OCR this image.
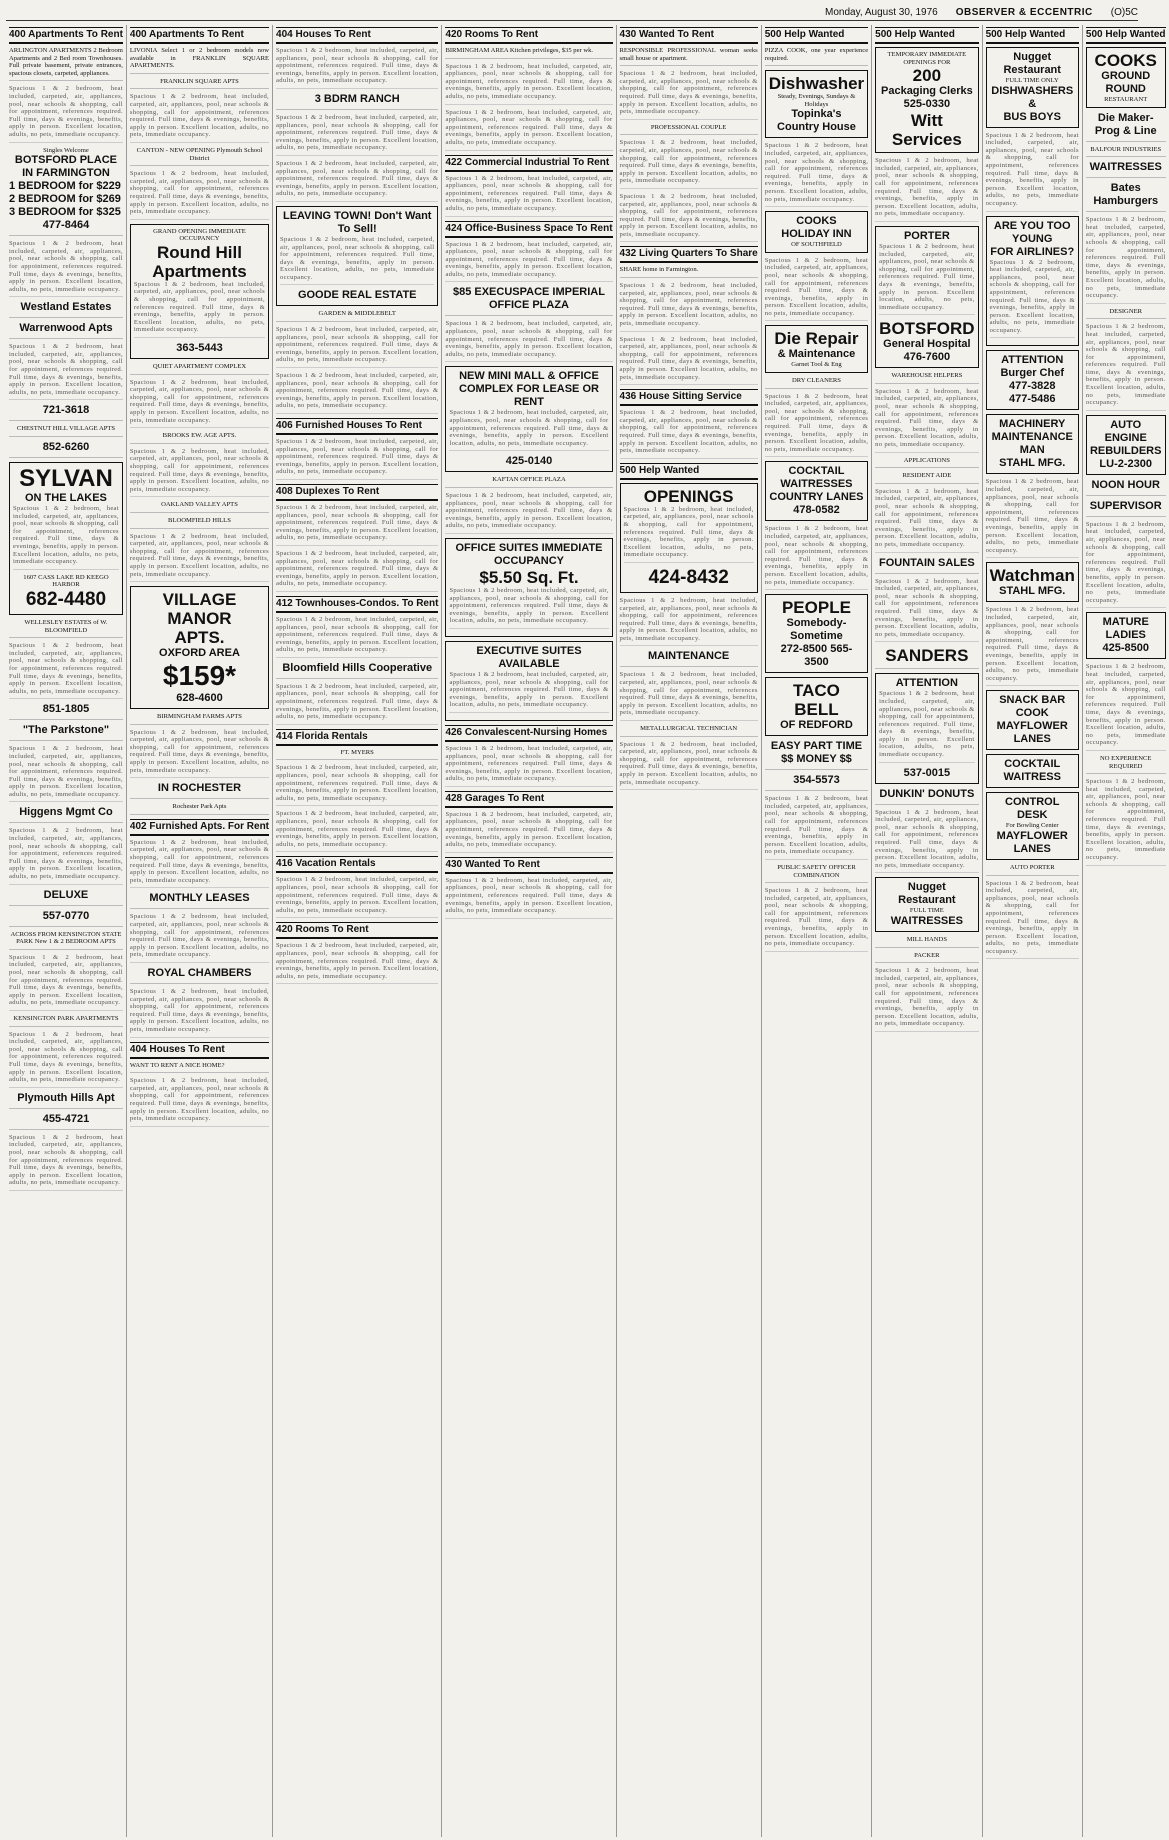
Monday, August 30, 1976 OBSERVER & ECCENTRIC (O)5C
400 Apartments To Rent
ARLINGTON APARTMENTS 2 Bedroom Apartments and 2 Bed room Townhouses. Full private basement, private entrances, spacious closets, carpeted, appliances.
Spacious 1 & 2 bedroom, heat included, carpeted, air, appliances, pool, near schools & shopping, call for appointment, references required. Full time, days & evenings, benefits, apply in person. Excellent location, adults, no pets, immediate occupancy.
Singles Welcome
BOTSFORD PLACE
IN FARMINGTON
1 BEDROOM for $229
2 BEDROOM for $269
3 BEDROOM for $325
477-8464
Spacious 1 & 2 bedroom, heat included, carpeted, air, appliances, pool, near schools & shopping, call for appointment, references required. Full time, days & evenings, benefits, apply in person. Excellent location, adults, no pets, immediate occupancy.
Westland Estates
Warrenwood Apts
Spacious 1 & 2 bedroom, heat included, carpeted, air, appliances, pool, near schools & shopping, call for appointment, references required. Full time, days & evenings, benefits, apply in person. Excellent location, adults, no pets, immediate occupancy.
721-3618
CHESTNUT HILL VILLAGE APTS
852-6260
SYLVAN
ON THE LAKES
Spacious 1 & 2 bedroom, heat included, carpeted, air, appliances, pool, near schools & shopping, call for appointment, references required. Full time, days & evenings, benefits, apply in person. Excellent location, adults, no pets, immediate occupancy.
1607 CASS LAKE RD KEEGO HARBOR
682-4480
WELLESLEY ESTATES of W. BLOOMFIELD
Spacious 1 & 2 bedroom, heat included, carpeted, air, appliances, pool, near schools & shopping, call for appointment, references required. Full time, days & evenings, benefits, apply in person. Excellent location, adults, no pets, immediate occupancy.
851-1805
"The Parkstone"
Spacious 1 & 2 bedroom, heat included, carpeted, air, appliances, pool, near schools & shopping, call for appointment, references required. Full time, days & evenings, benefits, apply in person. Excellent location, adults, no pets, immediate occupancy.
Higgens Mgmt Co
Spacious 1 & 2 bedroom, heat included, carpeted, air, appliances, pool, near schools & shopping, call for appointment, references required. Full time, days & evenings, benefits, apply in person. Excellent location, adults, no pets, immediate occupancy.
DELUXE
557-0770
ACROSS FROM KENSINGTON STATE PARK New 1 & 2 BEDROOM APTS
Spacious 1 & 2 bedroom, heat included, carpeted, air, appliances, pool, near schools & shopping, call for appointment, references required. Full time, days & evenings, benefits, apply in person. Excellent location, adults, no pets, immediate occupancy.
KENSINGTON PARK APARTMENTS
Spacious 1 & 2 bedroom, heat included, carpeted, air, appliances, pool, near schools & shopping, call for appointment, references required. Full time, days & evenings, benefits, apply in person. Excellent location, adults, no pets, immediate occupancy.
Plymouth Hills Apt
455-4721
Spacious 1 & 2 bedroom, heat included, carpeted, air, appliances, pool, near schools & shopping, call for appointment, references required. Full time, days & evenings, benefits, apply in person. Excellent location, adults, no pets, immediate occupancy.
400 Apartments To Rent
LIVONIA Select 1 or 2 bedroom models now available in FRANKLIN SQUARE APARTMENTS.
FRANKLIN SQUARE APTS
Spacious 1 & 2 bedroom, heat included, carpeted, air, appliances, pool, near schools & shopping, call for appointment, references required. Full time, days & evenings, benefits, apply in person. Excellent location, adults, no pets, immediate occupancy.
CANTON - NEW OPENING Plymouth School District
Spacious 1 & 2 bedroom, heat included, carpeted, air, appliances, pool, near schools & shopping, call for appointment, references required. Full time, days & evenings, benefits, apply in person. Excellent location, adults, no pets, immediate occupancy.
GRAND OPENING IMMEDIATE OCCUPANCY
Round Hill
Apartments
Spacious 1 & 2 bedroom, heat included, carpeted, air, appliances, pool, near schools & shopping, call for appointment, references required. Full time, days & evenings, benefits, apply in person. Excellent location, adults, no pets, immediate occupancy.
363-5443
QUIET APARTMENT COMPLEX
Spacious 1 & 2 bedroom, heat included, carpeted, air, appliances, pool, near schools & shopping, call for appointment, references required. Full time, days & evenings, benefits, apply in person. Excellent location, adults, no pets, immediate occupancy.
BROOKS EW. AGE APTS.
Spacious 1 & 2 bedroom, heat included, carpeted, air, appliances, pool, near schools & shopping, call for appointment, references required. Full time, days & evenings, benefits, apply in person. Excellent location, adults, no pets, immediate occupancy.
OAKLAND VALLEY APTS
BLOOMFIELD HILLS
Spacious 1 & 2 bedroom, heat included, carpeted, air, appliances, pool, near schools & shopping, call for appointment, references required. Full time, days & evenings, benefits, apply in person. Excellent location, adults, no pets, immediate occupancy.
VILLAGE
MANOR
APTS.
OXFORD AREA
$159*
628-4600
BIRMINGHAM FARMS APTS
Spacious 1 & 2 bedroom, heat included, carpeted, air, appliances, pool, near schools & shopping, call for appointment, references required. Full time, days & evenings, benefits, apply in person. Excellent location, adults, no pets, immediate occupancy.
IN ROCHESTER
Rochester Park Apts
402 Furnished Apts. For Rent
Spacious 1 & 2 bedroom, heat included, carpeted, air, appliances, pool, near schools & shopping, call for appointment, references required. Full time, days & evenings, benefits, apply in person. Excellent location, adults, no pets, immediate occupancy.
MONTHLY LEASES
Spacious 1 & 2 bedroom, heat included, carpeted, air, appliances, pool, near schools & shopping, call for appointment, references required. Full time, days & evenings, benefits, apply in person. Excellent location, adults, no pets, immediate occupancy.
ROYAL CHAMBERS
Spacious 1 & 2 bedroom, heat included, carpeted, air, appliances, pool, near schools & shopping, call for appointment, references required. Full time, days & evenings, benefits, apply in person. Excellent location, adults, no pets, immediate occupancy.
404 Houses To Rent
WANT TO RENT A NICE HOME?
Spacious 1 & 2 bedroom, heat included, carpeted, air, appliances, pool, near schools & shopping, call for appointment, references required. Full time, days & evenings, benefits, apply in person. Excellent location, adults, no pets, immediate occupancy.
404 Houses To Rent
Spacious 1 & 2 bedroom, heat included, carpeted, air, appliances, pool, near schools & shopping, call for appointment, references required. Full time, days & evenings, benefits, apply in person. Excellent location, adults, no pets, immediate occupancy.
3 BDRM RANCH
Spacious 1 & 2 bedroom, heat included, carpeted, air, appliances, pool, near schools & shopping, call for appointment, references required. Full time, days & evenings, benefits, apply in person. Excellent location, adults, no pets, immediate occupancy.
Spacious 1 & 2 bedroom, heat included, carpeted, air, appliances, pool, near schools & shopping, call for appointment, references required. Full time, days & evenings, benefits, apply in person. Excellent location, adults, no pets, immediate occupancy.
LEAVING TOWN! Don't Want To Sell!
Spacious 1 & 2 bedroom, heat included, carpeted, air, appliances, pool, near schools & shopping, call for appointment, references required. Full time, days & evenings, benefits, apply in person. Excellent location, adults, no pets, immediate occupancy.
GOODE REAL ESTATE
GARDEN & MIDDLEBELT
Spacious 1 & 2 bedroom, heat included, carpeted, air, appliances, pool, near schools & shopping, call for appointment, references required. Full time, days & evenings, benefits, apply in person. Excellent location, adults, no pets, immediate occupancy.
Spacious 1 & 2 bedroom, heat included, carpeted, air, appliances, pool, near schools & shopping, call for appointment, references required. Full time, days & evenings, benefits, apply in person. Excellent location, adults, no pets, immediate occupancy.
406 Furnished Houses To Rent
Spacious 1 & 2 bedroom, heat included, carpeted, air, appliances, pool, near schools & shopping, call for appointment, references required. Full time, days & evenings, benefits, apply in person. Excellent location, adults, no pets, immediate occupancy.
408 Duplexes To Rent
Spacious 1 & 2 bedroom, heat included, carpeted, air, appliances, pool, near schools & shopping, call for appointment, references required. Full time, days & evenings, benefits, apply in person. Excellent location, adults, no pets, immediate occupancy.
Spacious 1 & 2 bedroom, heat included, carpeted, air, appliances, pool, near schools & shopping, call for appointment, references required. Full time, days & evenings, benefits, apply in person. Excellent location, adults, no pets, immediate occupancy.
412 Townhouses-Condos. To Rent
Spacious 1 & 2 bedroom, heat included, carpeted, air, appliances, pool, near schools & shopping, call for appointment, references required. Full time, days & evenings, benefits, apply in person. Excellent location, adults, no pets, immediate occupancy.
Bloomfield Hills Cooperative
Spacious 1 & 2 bedroom, heat included, carpeted, air, appliances, pool, near schools & shopping, call for appointment, references required. Full time, days & evenings, benefits, apply in person. Excellent location, adults, no pets, immediate occupancy.
414 Florida Rentals
FT. MYERS
Spacious 1 & 2 bedroom, heat included, carpeted, air, appliances, pool, near schools & shopping, call for appointment, references required. Full time, days & evenings, benefits, apply in person. Excellent location, adults, no pets, immediate occupancy.
Spacious 1 & 2 bedroom, heat included, carpeted, air, appliances, pool, near schools & shopping, call for appointment, references required. Full time, days & evenings, benefits, apply in person. Excellent location, adults, no pets, immediate occupancy.
416 Vacation Rentals
Spacious 1 & 2 bedroom, heat included, carpeted, air, appliances, pool, near schools & shopping, call for appointment, references required. Full time, days & evenings, benefits, apply in person. Excellent location, adults, no pets, immediate occupancy.
420 Rooms To Rent
Spacious 1 & 2 bedroom, heat included, carpeted, air, appliances, pool, near schools & shopping, call for appointment, references required. Full time, days & evenings, benefits, apply in person. Excellent location, adults, no pets, immediate occupancy.
420 Rooms To Rent
BIRMINGHAM AREA Kitchen privileges, $35 per wk.
Spacious 1 & 2 bedroom, heat included, carpeted, air, appliances, pool, near schools & shopping, call for appointment, references required. Full time, days & evenings, benefits, apply in person. Excellent location, adults, no pets, immediate occupancy.
Spacious 1 & 2 bedroom, heat included, carpeted, air, appliances, pool, near schools & shopping, call for appointment, references required. Full time, days & evenings, benefits, apply in person. Excellent location, adults, no pets, immediate occupancy.
422 Commercial Industrial To Rent
Spacious 1 & 2 bedroom, heat included, carpeted, air, appliances, pool, near schools & shopping, call for appointment, references required. Full time, days & evenings, benefits, apply in person. Excellent location, adults, no pets, immediate occupancy.
424 Office-Business Space To Rent
Spacious 1 & 2 bedroom, heat included, carpeted, air, appliances, pool, near schools & shopping, call for appointment, references required. Full time, days & evenings, benefits, apply in person. Excellent location, adults, no pets, immediate occupancy.
$85 EXECUSPACE IMPERIAL OFFICE PLAZA
Spacious 1 & 2 bedroom, heat included, carpeted, air, appliances, pool, near schools & shopping, call for appointment, references required. Full time, days & evenings, benefits, apply in person. Excellent location, adults, no pets, immediate occupancy.
NEW MINI MALL & OFFICE COMPLEX FOR LEASE OR RENT
Spacious 1 & 2 bedroom, heat included, carpeted, air, appliances, pool, near schools & shopping, call for appointment, references required. Full time, days & evenings, benefits, apply in person. Excellent location, adults, no pets, immediate occupancy.
425-0140
KAFTAN OFFICE PLAZA
Spacious 1 & 2 bedroom, heat included, carpeted, air, appliances, pool, near schools & shopping, call for appointment, references required. Full time, days & evenings, benefits, apply in person. Excellent location, adults, no pets, immediate occupancy.
OFFICE SUITES IMMEDIATE OCCUPANCY
$5.50 Sq. Ft.
Spacious 1 & 2 bedroom, heat included, carpeted, air, appliances, pool, near schools & shopping, call for appointment, references required. Full time, days & evenings, benefits, apply in person. Excellent location, adults, no pets, immediate occupancy.
EXECUTIVE SUITES AVAILABLE
Spacious 1 & 2 bedroom, heat included, carpeted, air, appliances, pool, near schools & shopping, call for appointment, references required. Full time, days & evenings, benefits, apply in person. Excellent location, adults, no pets, immediate occupancy.
426 Convalescent-Nursing Homes
Spacious 1 & 2 bedroom, heat included, carpeted, air, appliances, pool, near schools & shopping, call for appointment, references required. Full time, days & evenings, benefits, apply in person. Excellent location, adults, no pets, immediate occupancy.
428 Garages To Rent
Spacious 1 & 2 bedroom, heat included, carpeted, air, appliances, pool, near schools & shopping, call for appointment, references required. Full time, days & evenings, benefits, apply in person. Excellent location, adults, no pets, immediate occupancy.
430 Wanted To Rent
Spacious 1 & 2 bedroom, heat included, carpeted, air, appliances, pool, near schools & shopping, call for appointment, references required. Full time, days & evenings, benefits, apply in person. Excellent location, adults, no pets, immediate occupancy.
430 Wanted To Rent
RESPONSIBLE PROFESSIONAL woman seeks small house or apartment.
Spacious 1 & 2 bedroom, heat included, carpeted, air, appliances, pool, near schools & shopping, call for appointment, references required. Full time, days & evenings, benefits, apply in person. Excellent location, adults, no pets, immediate occupancy.
PROFESSIONAL COUPLE
Spacious 1 & 2 bedroom, heat included, carpeted, air, appliances, pool, near schools & shopping, call for appointment, references required. Full time, days & evenings, benefits, apply in person. Excellent location, adults, no pets, immediate occupancy.
Spacious 1 & 2 bedroom, heat included, carpeted, air, appliances, pool, near schools & shopping, call for appointment, references required. Full time, days & evenings, benefits, apply in person. Excellent location, adults, no pets, immediate occupancy.
432 Living Quarters To Share
SHARE home in Farmington.
Spacious 1 & 2 bedroom, heat included, carpeted, air, appliances, pool, near schools & shopping, call for appointment, references required. Full time, days & evenings, benefits, apply in person. Excellent location, adults, no pets, immediate occupancy.
Spacious 1 & 2 bedroom, heat included, carpeted, air, appliances, pool, near schools & shopping, call for appointment, references required. Full time, days & evenings, benefits, apply in person. Excellent location, adults, no pets, immediate occupancy.
436 House Sitting Service
Spacious 1 & 2 bedroom, heat included, carpeted, air, appliances, pool, near schools & shopping, call for appointment, references required. Full time, days & evenings, benefits, apply in person. Excellent location, adults, no pets, immediate occupancy.
500 Help Wanted
OPENINGS
Spacious 1 & 2 bedroom, heat included, carpeted, air, appliances, pool, near schools & shopping, call for appointment, references required. Full time, days & evenings, benefits, apply in person. Excellent location, adults, no pets, immediate occupancy.
424-8432
Spacious 1 & 2 bedroom, heat included, carpeted, air, appliances, pool, near schools & shopping, call for appointment, references required. Full time, days & evenings, benefits, apply in person. Excellent location, adults, no pets, immediate occupancy.
MAINTENANCE
Spacious 1 & 2 bedroom, heat included, carpeted, air, appliances, pool, near schools & shopping, call for appointment, references required. Full time, days & evenings, benefits, apply in person. Excellent location, adults, no pets, immediate occupancy.
METALLURGICAL TECHNICIAN
Spacious 1 & 2 bedroom, heat included, carpeted, air, appliances, pool, near schools & shopping, call for appointment, references required. Full time, days & evenings, benefits, apply in person. Excellent location, adults, no pets, immediate occupancy.
500 Help Wanted
PIZZA COOK, one year experience required.
Dishwasher
Steady, Evenings, Sundays & Holidays
Topinka's
Country House
Spacious 1 & 2 bedroom, heat included, carpeted, air, appliances, pool, near schools & shopping, call for appointment, references required. Full time, days & evenings, benefits, apply in person. Excellent location, adults, no pets, immediate occupancy.
COOKS
HOLIDAY INN
OF SOUTHFIELD
Spacious 1 & 2 bedroom, heat included, carpeted, air, appliances, pool, near schools & shopping, call for appointment, references required. Full time, days & evenings, benefits, apply in person. Excellent location, adults, no pets, immediate occupancy.
Die Repair
& Maintenance
Garnet Tool & Eng
DRY CLEANERS
Spacious 1 & 2 bedroom, heat included, carpeted, air, appliances, pool, near schools & shopping, call for appointment, references required. Full time, days & evenings, benefits, apply in person. Excellent location, adults, no pets, immediate occupancy.
COCKTAIL WAITRESSES
COUNTRY LANES
478-0582
Spacious 1 & 2 bedroom, heat included, carpeted, air, appliances, pool, near schools & shopping, call for appointment, references required. Full time, days & evenings, benefits, apply in person. Excellent location, adults, no pets, immediate occupancy.
PEOPLE
Somebody-Sometime
272-8500 565-3500
TACO BELL
OF REDFORD
EASY PART TIME $$ MONEY $$
354-5573
Spacious 1 & 2 bedroom, heat included, carpeted, air, appliances, pool, near schools & shopping, call for appointment, references required. Full time, days & evenings, benefits, apply in person. Excellent location, adults, no pets, immediate occupancy.
PUBLIC SAFETY OFFICER COMBINATION
Spacious 1 & 2 bedroom, heat included, carpeted, air, appliances, pool, near schools & shopping, call for appointment, references required. Full time, days & evenings, benefits, apply in person. Excellent location, adults, no pets, immediate occupancy.
500 Help Wanted
TEMPORARY IMMEDIATE OPENINGS FOR
200
Packaging Clerks
525-0330
Witt Services
Spacious 1 & 2 bedroom, heat included, carpeted, air, appliances, pool, near schools & shopping, call for appointment, references required. Full time, days & evenings, benefits, apply in person. Excellent location, adults, no pets, immediate occupancy.
PORTER
Spacious 1 & 2 bedroom, heat included, carpeted, air, appliances, pool, near schools & shopping, call for appointment, references required. Full time, days & evenings, benefits, apply in person. Excellent location, adults, no pets, immediate occupancy.
BOTSFORD
General Hospital
476-7600
WAREHOUSE HELPERS
Spacious 1 & 2 bedroom, heat included, carpeted, air, appliances, pool, near schools & shopping, call for appointment, references required. Full time, days & evenings, benefits, apply in person. Excellent location, adults, no pets, immediate occupancy.
APPLICATIONS
RESIDENT AIDE
Spacious 1 & 2 bedroom, heat included, carpeted, air, appliances, pool, near schools & shopping, call for appointment, references required. Full time, days & evenings, benefits, apply in person. Excellent location, adults, no pets, immediate occupancy.
FOUNTAIN SALES
Spacious 1 & 2 bedroom, heat included, carpeted, air, appliances, pool, near schools & shopping, call for appointment, references required. Full time, days & evenings, benefits, apply in person. Excellent location, adults, no pets, immediate occupancy.
SANDERS
ATTENTION
Spacious 1 & 2 bedroom, heat included, carpeted, air, appliances, pool, near schools & shopping, call for appointment, references required. Full time, days & evenings, benefits, apply in person. Excellent location, adults, no pets, immediate occupancy.
537-0015
DUNKIN' DONUTS
Spacious 1 & 2 bedroom, heat included, carpeted, air, appliances, pool, near schools & shopping, call for appointment, references required. Full time, days & evenings, benefits, apply in person. Excellent location, adults, no pets, immediate occupancy.
Nugget Restaurant
FULL TIME
WAITRESSES
MILL HANDS
PACKER
Spacious 1 & 2 bedroom, heat included, carpeted, air, appliances, pool, near schools & shopping, call for appointment, references required. Full time, days & evenings, benefits, apply in person. Excellent location, adults, no pets, immediate occupancy.
500 Help Wanted
Nugget Restaurant
FULL TIME ONLY
DISHWASHERS &
BUS BOYS
Spacious 1 & 2 bedroom, heat included, carpeted, air, appliances, pool, near schools & shopping, call for appointment, references required. Full time, days & evenings, benefits, apply in person. Excellent location, adults, no pets, immediate occupancy.
ARE YOU TOO YOUNG
FOR AIRLINES?
Spacious 1 & 2 bedroom, heat included, carpeted, air, appliances, pool, near schools & shopping, call for appointment, references required. Full time, days & evenings, benefits, apply in person. Excellent location, adults, no pets, immediate occupancy.
ATTENTION
Burger Chef
477-3828
477-5486
MACHINERY
MAINTENANCE
MAN
STAHL MFG.
Spacious 1 & 2 bedroom, heat included, carpeted, air, appliances, pool, near schools & shopping, call for appointment, references required. Full time, days & evenings, benefits, apply in person. Excellent location, adults, no pets, immediate occupancy.
Watchman
STAHL MFG.
Spacious 1 & 2 bedroom, heat included, carpeted, air, appliances, pool, near schools & shopping, call for appointment, references required. Full time, days & evenings, benefits, apply in person. Excellent location, adults, no pets, immediate occupancy.
SNACK BAR COOK
MAYFLOWER LANES
COCKTAIL WAITRESS
CONTROL DESK
For Bowling Center
MAYFLOWER LANES
AUTO PORTER
Spacious 1 & 2 bedroom, heat included, carpeted, air, appliances, pool, near schools & shopping, call for appointment, references required. Full time, days & evenings, benefits, apply in person. Excellent location, adults, no pets, immediate occupancy.
500 Help Wanted
COOKS
GROUND ROUND
RESTAURANT
Die Maker-Prog & Line
BALFOUR INDUSTRIES
WAITRESSES
Bates Hamburgers
Spacious 1 & 2 bedroom, heat included, carpeted, air, appliances, pool, near schools & shopping, call for appointment, references required. Full time, days & evenings, benefits, apply in person. Excellent location, adults, no pets, immediate occupancy.
DESIGNER
Spacious 1 & 2 bedroom, heat included, carpeted, air, appliances, pool, near schools & shopping, call for appointment, references required. Full time, days & evenings, benefits, apply in person. Excellent location, adults, no pets, immediate occupancy.
AUTO
ENGINE REBUILDERS
LU-2-2300
NOON HOUR
SUPERVISOR
Spacious 1 & 2 bedroom, heat included, carpeted, air, appliances, pool, near schools & shopping, call for appointment, references required. Full time, days & evenings, benefits, apply in person. Excellent location, adults, no pets, immediate occupancy.
MATURE LADIES
425-8500
Spacious 1 & 2 bedroom, heat included, carpeted, air, appliances, pool, near schools & shopping, call for appointment, references required. Full time, days & evenings, benefits, apply in person. Excellent location, adults, no pets, immediate occupancy.
NO EXPERIENCE REQUIRED
Spacious 1 & 2 bedroom, heat included, carpeted, air, appliances, pool, near schools & shopping, call for appointment, references required. Full time, days & evenings, benefits, apply in person. Excellent location, adults, no pets, immediate occupancy.
